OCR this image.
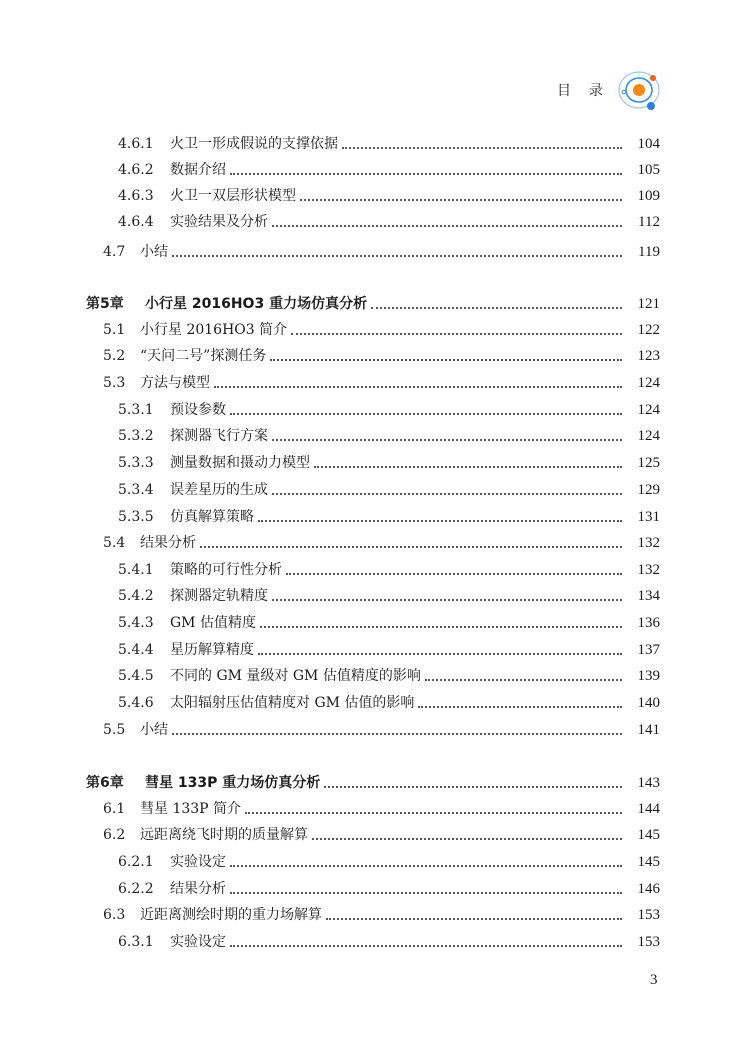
目　录
4.6.1 火卫一形成假说的支撑依据	104
4.6.2 数据介绍	105
4.6.3 火卫一双层形状模型	109
4.6.4 实验结果及分析	112
4.7 小结	119
第5章 小行星 2016HO3 重力场仿真分析	121
5.1 小行星 2016HO3 简介	122
5.2 “天问二号”探测任务	123
5.3 方法与模型	124
5.3.1 预设参数	124
5.3.2 探测器飞行方案	124
5.3.3 测量数据和摄动力模型	125
5.3.4 误差星历的生成	129
5.3.5 仿真解算策略	131
5.4 结果分析	132
5.4.1 策略的可行性分析	132
5.4.2 探测器定轨精度	134
5.4.3 GM 估值精度	136
5.4.4 星历解算精度	137
5.4.5 不同的 GM 量级对 GM 估值精度的影响	139
5.4.6 太阳辐射压估值精度对 GM 估值的影响	140
5.5 小结	141
第6章 彗星 133P 重力场仿真分析	143
6.1 彗星 133P 简介	144
6.2 远距离绕飞时期的质量解算	145
6.2.1 实验设定	145
6.2.2 结果分析	146
6.3 近距离测绘时期的重力场解算	153
6.3.1 实验设定	153
3
